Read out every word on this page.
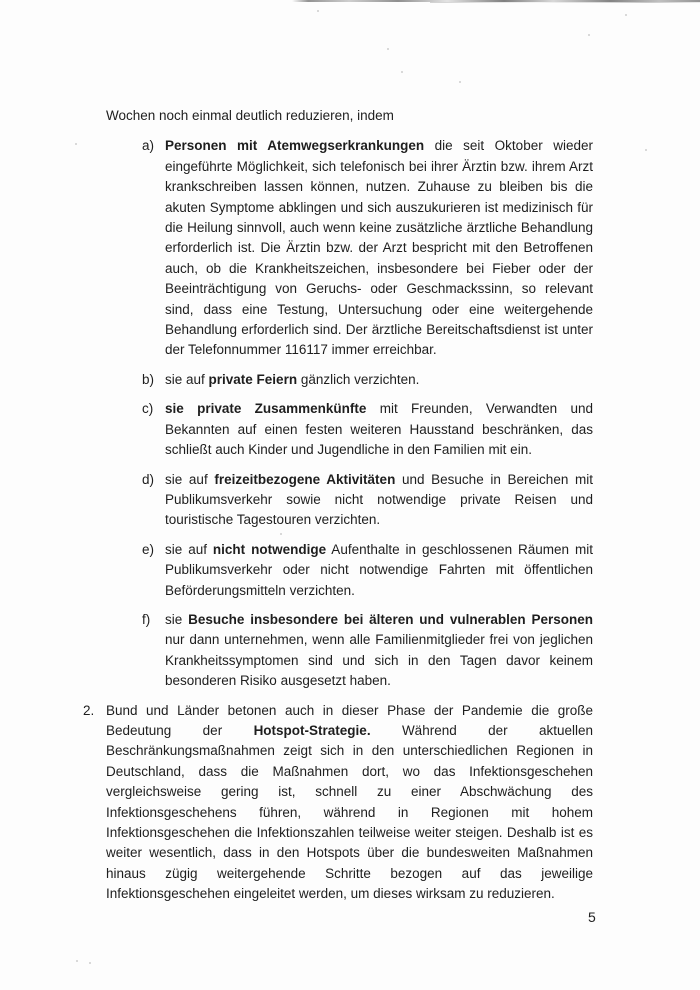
Wochen noch einmal deutlich reduzieren, indem

a) Personen mit Atemwegserkrankungen die seit Oktober wieder eingeführte Möglichkeit, sich telefonisch bei ihrer Ärztin bzw. ihrem Arzt krankschreiben lassen können, nutzen. Zuhause zu bleiben bis die akuten Symptome abklingen und sich auszukurieren ist medizinisch für die Heilung sinnvoll, auch wenn keine zusätzliche ärztliche Behandlung erforderlich ist. Die Ärztin bzw. der Arzt bespricht mit den Betroffenen auch, ob die Krankheitszeichen, insbesondere bei Fieber oder der Beeinträchtigung von Geruchs- oder Geschmackssinn, so relevant sind, dass eine Testung, Untersuchung oder eine weitergehende Behandlung erforderlich sind. Der ärztliche Bereitschaftsdienst ist unter der Telefonnummer 116117 immer erreichbar.

b) sie auf private Feiern gänzlich verzichten.

c) sie private Zusammenkünfte mit Freunden, Verwandten und Bekannten auf einen festen weiteren Hausstand beschränken, das schließt auch Kinder und Jugendliche in den Familien mit ein.

d) sie auf freizeitbezogene Aktivitäten und Besuche in Bereichen mit Publikumsverkehr sowie nicht notwendige private Reisen und touristische Tagestouren verzichten.

e) sie auf nicht notwendige Aufenthalte in geschlossenen Räumen mit Publikumsverkehr oder nicht notwendige Fahrten mit öffentlichen Beförderungsmitteln verzichten.

f)	sie Besuche insbesondere bei älteren und vulnerablen Personen nur dann unternehmen, wenn alle Familienmitglieder frei von jeglichen Krankheitssymptomen sind und sich in den Tagen davor keinem besonderen Risiko ausgesetzt haben.

2. Bund und Länder betonen auch in dieser Phase der Pandemie die große Bedeutung der Hotspot-Strategie. Während der aktuellen Beschränkungsmaßnahmen zeigt sich in den unterschiedlichen Regionen in Deutschland, dass die Maßnahmen dort, wo das Infektionsgeschehen vergleichsweise gering ist, schnell zu einer Abschwächung des Infektionsgeschehens führen, während in Regionen mit hohem Infektionsgeschehen die Infektionszahlen teilweise weiter steigen. Deshalb ist es weiter wesentlich, dass in den Hotspots über die bundesweiten Maßnahmen hinaus zügig weitergehende Schritte bezogen auf das jeweilige Infektionsgeschehen eingeleitet werden, um dieses wirksam zu reduzieren.

5
